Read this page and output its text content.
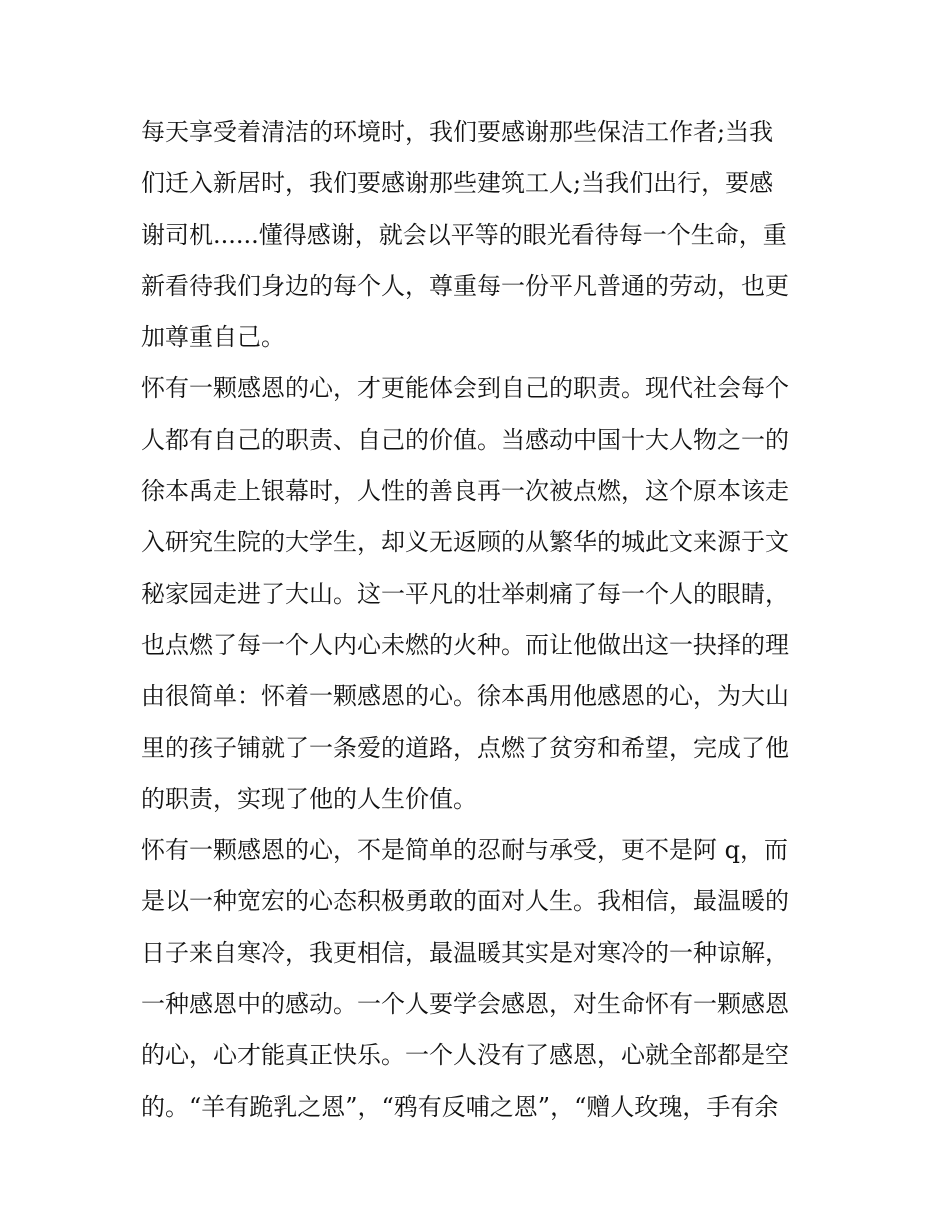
每天享受着清洁的环境时，我们要感谢那些保洁工作者;当我
们迁入新居时，我们要感谢那些建筑工人;当我们出行，要感
谢司机......懂得感谢，就会以平等的眼光看待每一个生命，重
新看待我们身边的每个人，尊重每一份平凡普通的劳动，也更
加尊重自己。
怀有一颗感恩的心，才更能体会到自己的职责。现代社会每个
人都有自己的职责、自己的价值。当感动中国十大人物之一的
徐本禹走上银幕时，人性的善良再一次被点燃，这个原本该走
入研究生院的大学生，却义无返顾的从繁华的城此文来源于文
秘家园走进了大山。这一平凡的壮举刺痛了每一个人的眼睛，
也点燃了每一个人内心未燃的火种。而让他做出这一抉择的理
由很简单：怀着一颗感恩的心。徐本禹用他感恩的心，为大山
里的孩子铺就了一条爱的道路，点燃了贫穷和希望，完成了他
的职责，实现了他的人生价值。
怀有一颗感恩的心，不是简单的忍耐与承受，更不是阿 q，而
是以一种宽宏的心态积极勇敢的面对人生。我相信，最温暖的
日子来自寒冷，我更相信，最温暖其实是对寒冷的一种谅解，
一种感恩中的感动。一个人要学会感恩，对生命怀有一颗感恩
的心，心才能真正快乐。一个人没有了感恩，心就全部都是空
的。“羊有跪乳之恩”，“鸦有反哺之恩”，“赠人玫瑰，手有余
